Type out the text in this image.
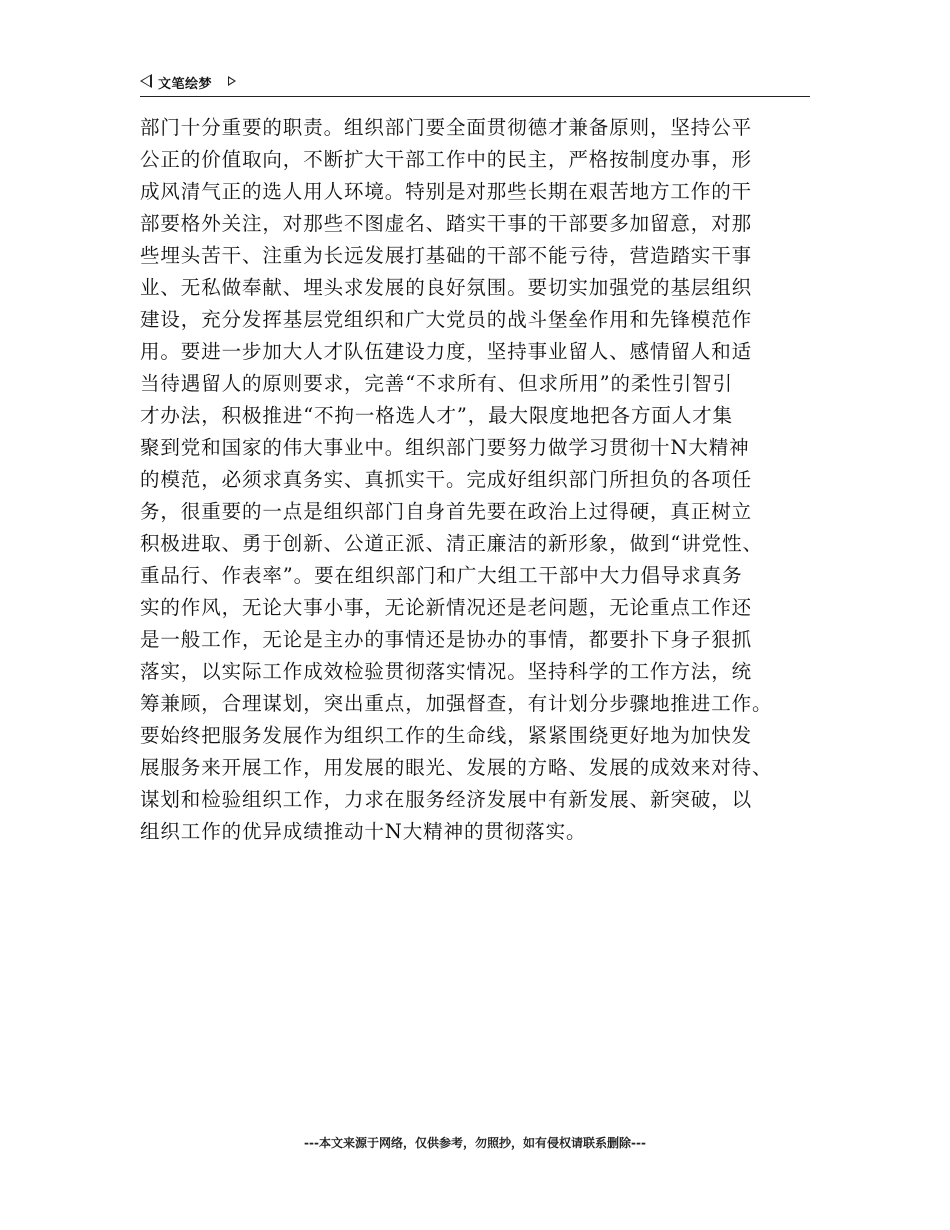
文笔绘梦
部门十分重要的职责。组织部门要全面贯彻德才兼备原则，坚持公平
公正的价值取向，不断扩大干部工作中的民主，严格按制度办事，形
成风清气正的选人用人环境。特别是对那些长期在艰苦地方工作的干
部要格外关注，对那些不图虚名、踏实干事的干部要多加留意，对那
些埋头苦干、注重为长远发展打基础的干部不能亏待，营造踏实干事
业、无私做奉献、埋头求发展的良好氛围。要切实加强党的基层组织
建设，充分发挥基层党组织和广大党员的战斗堡垒作用和先锋模范作
用。要进一步加大人才队伍建设力度，坚持事业留人、感情留人和适
当待遇留人的原则要求，完善“不求所有、但求所用”的柔性引智引
才办法，积极推进“不拘一格选人才”，最大限度地把各方面人才集
聚到党和国家的伟大事业中。组织部门要努力做学习贯彻十N大精神
的模范，必须求真务实、真抓实干。完成好组织部门所担负的各项任
务，很重要的一点是组织部门自身首先要在政治上过得硬，真正树立
积极进取、勇于创新、公道正派、清正廉洁的新形象，做到“讲党性、
重品行、作表率”。要在组织部门和广大组工干部中大力倡导求真务
实的作风，无论大事小事，无论新情况还是老问题，无论重点工作还
是一般工作，无论是主办的事情还是协办的事情，都要扑下身子狠抓
落实，以实际工作成效检验贯彻落实情况。坚持科学的工作方法，统
筹兼顾，合理谋划，突出重点，加强督查，有计划分步骤地推进工作。
要始终把服务发展作为组织工作的生命线，紧紧围绕更好地为加快发
展服务来开展工作，用发展的眼光、发展的方略、发展的成效来对待、
谋划和检验组织工作，力求在服务经济发展中有新发展、新突破，以
组织工作的优异成绩推动十N大精神的贯彻落实。
---本文来源于网络，仅供参考，勿照抄，如有侵权请联系删除---
